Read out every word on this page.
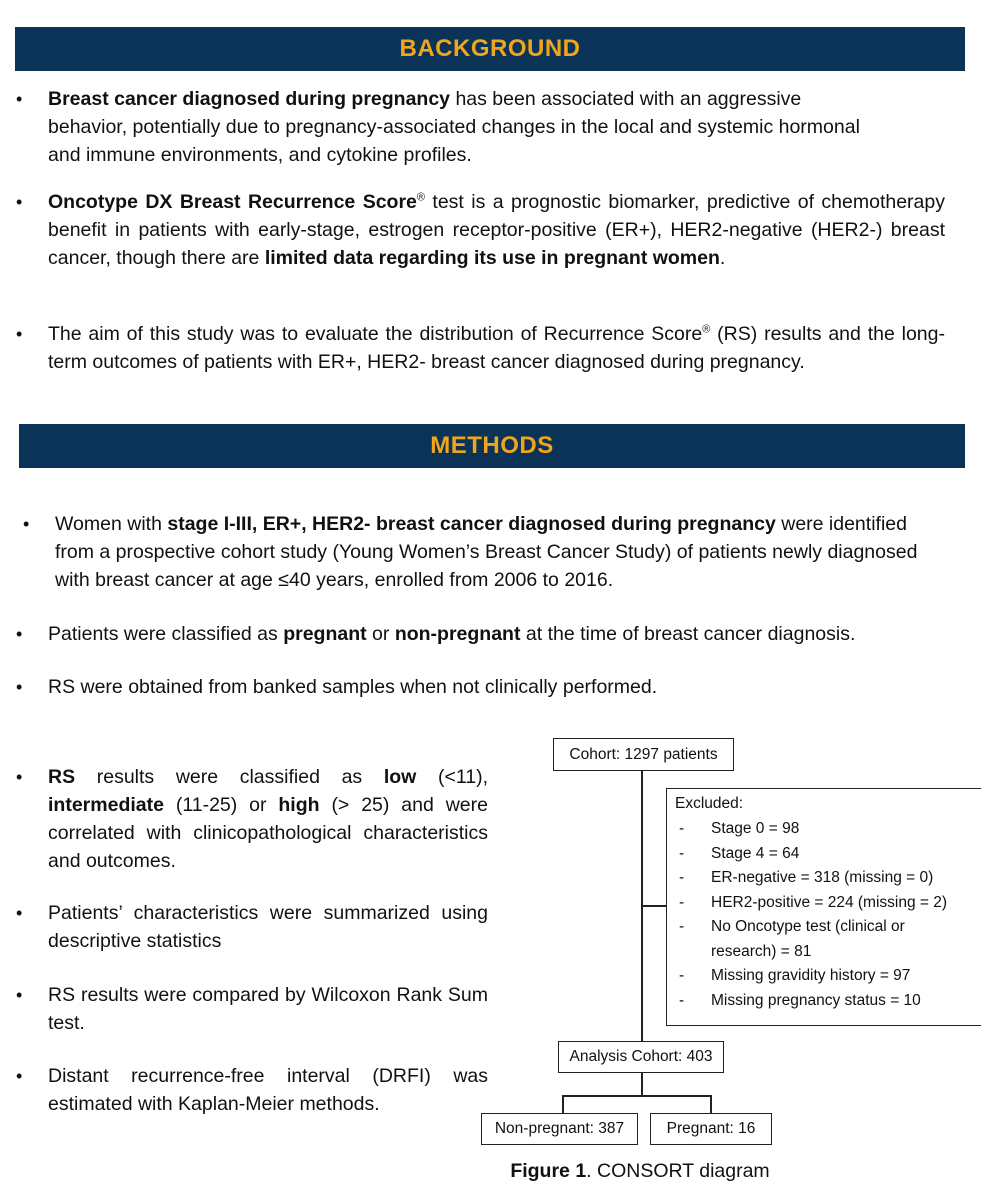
BACKGROUND
• Breast cancer diagnosed during pregnancy has been associated with an aggressive behavior, potentially due to pregnancy-associated changes in the local and systemic hormonal and immune environments, and cytokine profiles.
• Oncotype DX Breast Recurrence Score® test is a prognostic biomarker, predictive of chemotherapy benefit in patients with early-stage, estrogen receptor-positive (ER+), HER2-negative (HER2-) breast cancer, though there are limited data regarding its use in pregnant women.
• The aim of this study was to evaluate the distribution of Recurrence Score® (RS) results and the long-term outcomes of patients with ER+, HER2- breast cancer diagnosed during pregnancy.
METHODS
• Women with stage I-III, ER+, HER2- breast cancer diagnosed during pregnancy were identified from a prospective cohort study (Young Women’s Breast Cancer Study) of patients newly diagnosed with breast cancer at age ≤40 years, enrolled from 2006 to 2016.
• Patients were classified as pregnant or non-pregnant at the time of breast cancer diagnosis.
• RS were obtained from banked samples when not clinically performed.
• RS results were classified as low (<11), intermediate (11-25) or high (> 25) and were correlated with clinicopathological characteristics and outcomes.
• Patients’ characteristics were summarized using descriptive statistics
• RS results were compared by Wilcoxon Rank Sum test.
• Distant recurrence-free interval (DRFI) was estimated with Kaplan-Meier methods.
Cohort: 1297 patients
Excluded:
- Stage 0 = 98
- Stage 4 = 64
- ER-negative = 318 (missing = 0)
- HER2-positive = 224 (missing = 2)
- No Oncotype test (clinical or research) = 81
- Missing gravidity history = 97
- Missing pregnancy status = 10
Analysis Cohort: 403
Non-pregnant: 387	Pregnant: 16
Figure 1. CONSORT diagram
